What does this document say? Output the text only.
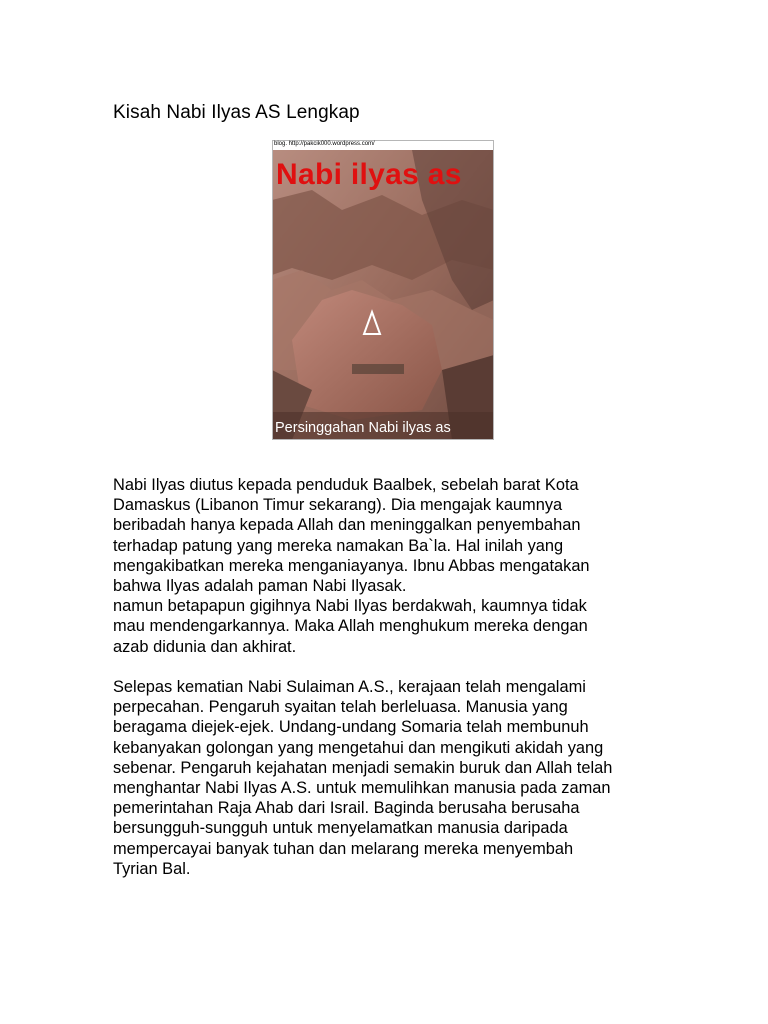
Kisah Nabi Ilyas AS Lengkap
blog. http://pakcik000.wordpress.com/
Nabi ilyas as
Persinggahan Nabi ilyas as

Nabi Ilyas diutus kepada penduduk Baalbek, sebelah barat Kota
Damaskus (Libanon Timur sekarang). Dia mengajak kaumnya
beribadah hanya kepada Allah dan meninggalkan penyembahan
terhadap patung yang mereka namakan Ba`la. Hal inilah yang
mengakibatkan mereka menganiayanya. Ibnu Abbas mengatakan
bahwa Ilyas adalah paman Nabi Ilyasak.
namun betapapun gigihnya Nabi Ilyas berdakwah, kaumnya tidak
mau mendengarkannya. Maka Allah menghukum mereka dengan
azab didunia dan akhirat.

Selepas kematian Nabi Sulaiman A.S., kerajaan telah mengalami
perpecahan. Pengaruh syaitan telah berleluasa. Manusia yang
beragama diejek-ejek. Undang-undang Somaria telah membunuh
kebanyakan golongan yang mengetahui dan mengikuti akidah yang
sebenar. Pengaruh kejahatan menjadi semakin buruk dan Allah telah
menghantar Nabi Ilyas A.S. untuk memulihkan manusia pada zaman
pemerintahan Raja Ahab dari Israil. Baginda berusaha berusaha
bersungguh-sungguh untuk menyelamatkan manusia daripada
mempercayai banyak tuhan dan melarang mereka menyembah
Tyrian Bal.
